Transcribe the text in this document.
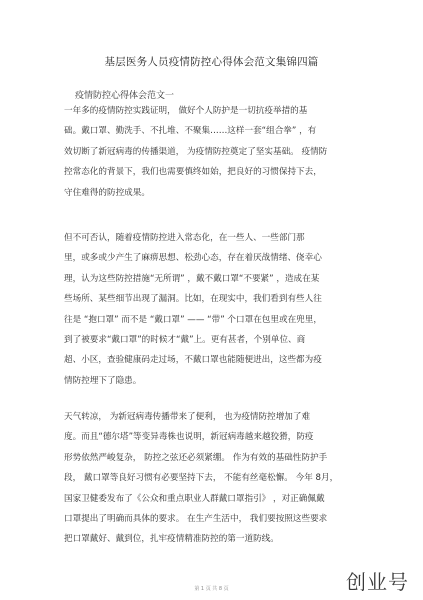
基层医务人员疫情防控心得体会范文集锦四篇
疫情防控心得体会范文一

一年多的疫情防控实践证明， 做好个人防护是一切抗疫举措的基
础。戴口罩、勤洗手、不扎堆、不聚集……这样一套“组合拳” ，有
效切断了新冠病毒的传播渠道， 为疫情防控奠定了坚实基础。 疫情防
控常态化的背景下，我们也需要慎终如始，把良好的习惯保持下去，
守住难得的防控成果。

但不可否认，随着疫情防控进入常态化，在一些人、一些部门那
里，或多或少产生了麻痹思想、松劲心态，存在着厌战情绪、侥幸心
理，认为这些防控措施“无所谓” ，戴不戴口罩“不要紧” ，造成在某
些场所、某些细节出现了漏洞。比如，在现实中，我们看到有些人往
往是 “抱口罩” 而不是 “戴口罩” —— “带” 个口罩在包里或在兜里，
到了被要求“戴口罩”的时候才“戴”上。更有甚者，个别单位、商
超、小区，查验健康码走过场，不戴口罩也能随便进出，这些都为疫
情防控埋下了隐患。

天气转凉， 为新冠病毒传播带来了便利， 也为疫情防控增加了难
度。而且“德尔塔”等变异毒株也说明，新冠病毒越来越狡猾，防疫
形势依然严峻复杂， 防控之弦还必须紧绷。 作为有效的基础性防护手
段， 戴口罩等良好习惯有必要坚持下去， 不能有丝毫松懈。 今年 8月，
国家卫健委发布了《公众和重点职业人群戴口罩指引》 ，对正确佩戴
口罩提出了明确而具体的要求。 在生产生活中， 我们要按照这些要求
把口罩戴好、戴到位，扎牢疫情精准防控的第一道防线。

第 1 页 共 8 页	创业号
